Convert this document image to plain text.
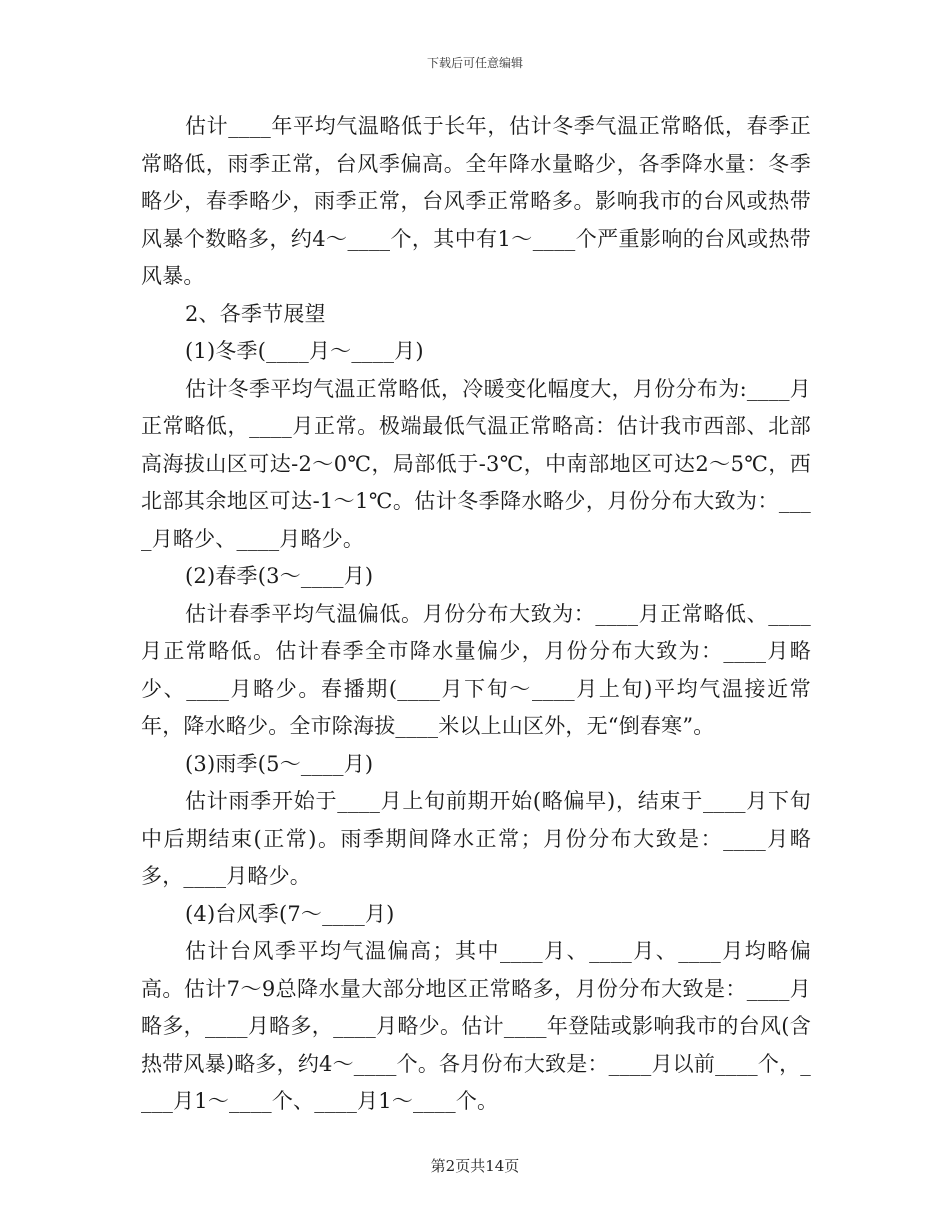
下载后可任意编辑

估计____年平均气温略低于长年，估计冬季气温正常略低，春季正常略低，雨季正常，台风季偏高。全年降水量略少，各季降水量：冬季略少，春季略少，雨季正常，台风季正常略多。影响我市的台风或热带风暴个数略多，约4～____个，其中有1～____个严重影响的台风或热带风暴。

2、各季节展望

(1)冬季(____月～____月)

估计冬季平均气温正常略低，冷暖变化幅度大，月份分布为:____月正常略低，____月正常。极端最低气温正常略高：估计我市西部、北部高海拔山区可达-2～0℃，局部低于-3℃，中南部地区可达2～5℃，西北部其余地区可达-1～1℃。估计冬季降水略少，月份分布大致为：____月略少、____月略少。

(2)春季(3～____月)

估计春季平均气温偏低。月份分布大致为：____月正常略低、____月正常略低。估计春季全市降水量偏少，月份分布大致为：____月略少、____月略少。春播期(____月下旬～____月上旬)平均气温接近常年，降水略少。全市除海拔____米以上山区外，无“倒春寒”。

(3)雨季(5～____月)

估计雨季开始于____月上旬前期开始(略偏早)，结束于____月下旬中后期结束(正常)。雨季期间降水正常；月份分布大致是：____月略多，____月略少。

(4)台风季(7～____月)

估计台风季平均气温偏高；其中____月、____月、____月均略偏高。估计7～9总降水量大部分地区正常略多，月份分布大致是：____月略多，____月略多，____月略少。估计____年登陆或影响我市的台风(含热带风暴)略多，约4～____个。各月份布大致是：____月以前____个，____月1～____个、____月1～____个。

第2页共14页
